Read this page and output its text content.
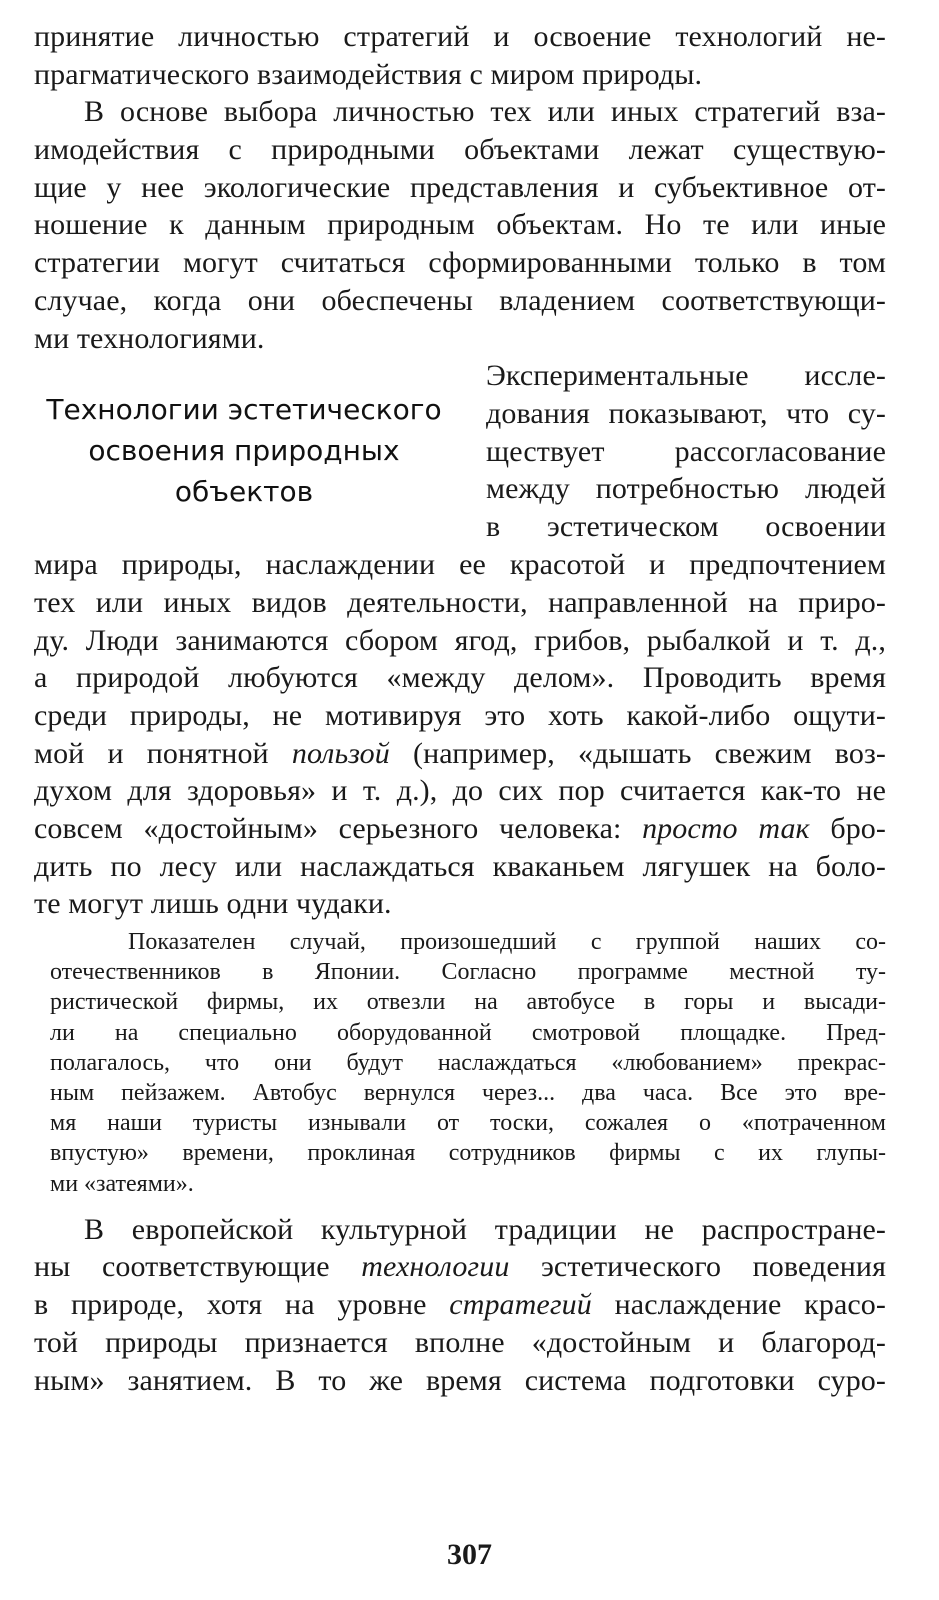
принятие личностью стратегий и освоение технологий не-
прагматического взаимодействия с миром природы.
В основе выбора личностью тех или иных стратегий вза-
имодействия с природными объектами лежат существую-
щие у нее экологические представления и субъективное от-
ношение к данным природным объектам. Но те или иные
стратегии могут считаться сформированными только в том
случае, когда они обеспечены владением соответствующи-
ми технологиями.
Технологии эстетического
освоения природных
объектов
Экспериментальные иссле-
дования показывают, что су-
ществует рассогласование
между потребностью людей
в эстетическом освоении
мира природы, наслаждении ее красотой и предпочтением
тех или иных видов деятельности, направленной на приро-
ду. Люди занимаются сбором ягод, грибов, рыбалкой и т. д.,
а природой любуются «между делом». Проводить время
среди природы, не мотивируя это хоть какой-либо ощути-
мой и понятной пользой (например, «дышать свежим воз-
духом для здоровья» и т. д.), до сих пор считается как-то не
совсем «достойным» серьезного человека: просто так бро-
дить по лесу или наслаждаться кваканьем лягушек на боло-
те могут лишь одни чудаки.
Показателен случай, произошедший с группой наших со-
отечественников в Японии. Согласно программе местной ту-
ристической фирмы, их отвезли на автобусе в горы и высади-
ли на специально оборудованной смотровой площадке. Пред-
полагалось, что они будут наслаждаться «любованием» прекрас-
ным пейзажем. Автобус вернулся через... два часа. Все это вре-
мя наши туристы изнывали от тоски, сожалея о «потраченном
впустую» времени, проклиная сотрудников фирмы с их глупы-
ми «затеями».
В европейской культурной традиции не распростране-
ны соответствующие технологии эстетического поведения
в природе, хотя на уровне стратегий наслаждение красо-
той природы признается вполне «достойным и благород-
ным» занятием. В то же время система подготовки суро-
307
